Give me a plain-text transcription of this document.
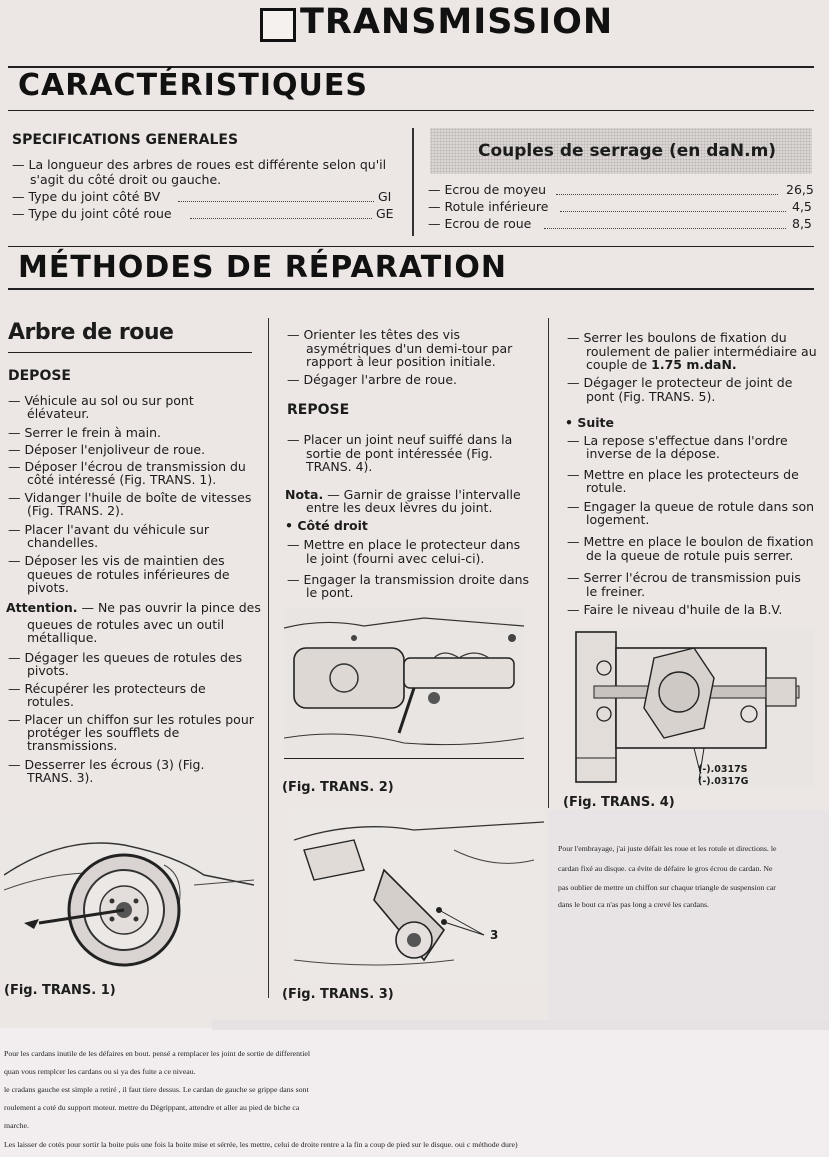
TRANSMISSION
CARACTÉRISTIQUES
SPECIFICATIONS GENERALES
— La longueur des arbres de roues est différente selon qu'il
s'agit du côté droit ou gauche.
— Type du joint côté BV	GI
— Type du joint côté roue	GE
Couples de serrage (en daN.m)
— Ecrou de moyeu	26,5
— Rotule inférieure	4,5
— Ecrou de roue	8,5
MÉTHODES DE RÉPARATION
Arbre de roue
DEPOSE
— Véhicule au sol ou sur pont
élévateur.
— Serrer le frein à main.
— Déposer l'enjoliveur de roue.
— Déposer l'écrou de transmission du
côté intéressé (Fig. TRANS. 1).
— Vidanger l'huile de boîte de vitesses
(Fig. TRANS. 2).
— Placer l'avant du véhicule sur
chandelles.
— Déposer les vis de maintien des
queues de rotules inférieures de
pivots.
Attention. — Ne pas ouvrir la pince des
queues de rotules avec un outil
métallique.
— Dégager les queues de rotules des
pivots.
— Récupérer les protecteurs de
rotules.
— Placer un chiffon sur les rotules pour
protéger les soufflets de
transmissions.
— Desserrer les écrous (3) (Fig.
TRANS. 3).
(Fig. TRANS. 1)
— Orienter les têtes des vis
asymétriques d'un demi-tour par
rapport à leur position initiale.
— Dégager l'arbre de roue.
REPOSE
— Placer un joint neuf suiffé dans la
sortie de pont intéressée (Fig.
TRANS. 4).
Nota. — Garnir de graisse l'intervalle
entre les deux lèvres du joint.
• Côté droit
— Mettre en place le protecteur dans
le joint (fourni avec celui-ci).
— Engager la transmission droite dans
le pont.
(Fig. TRANS. 2)
3
(Fig. TRANS. 3)
— Serrer les boulons de fixation du
roulement de palier intermédiaire au
couple de 1.75 m.daN.
— Dégager le protecteur de joint de
pont (Fig. TRANS. 5).
• Suite
— La repose s'effectue dans l'ordre
inverse de la dépose.
— Mettre en place les protecteurs de
rotule.
— Engager la queue de rotule dans son
logement.
— Mettre en place le boulon de fixation
de la queue de rotule puis serrer.
— Serrer l'écrou de transmission puis
le freiner.
— Faire le niveau d'huile de la B.V.
(-).0317S
(-).0317G
(Fig. TRANS. 4)
Pour l'embrayage, j'ai juste défait les roue et les rotule et directions. le
cardan fixé au disque. ca évite de défaire le gros écrou de cardan. Ne
pas oublier de mettre un chiffon sur chaque triangle de suspension car
dans le bout ca n'as pas long a crevé les cardans.
Pour les cardans inutile de les défaires en bout. pensé a remplacer les joint de sortie de differentiel
quan vous remplcer les cardans ou si ya des fuite a ce niveau.
le cradans gauche est simple a retiré , il faut tiere dessus. Le cardan de gauche se grippe dans sont
roulement a coté du support moteur. mettre du Dégrippant, attendre et aller au pied de biche ca
marche.
Les laisser de cotés pour sortir la boite puis une fois la boite mise et sérrée, les mettre, celui de droite rentre a la fin a coup de pied sur le disque. oui c méthode dure)
